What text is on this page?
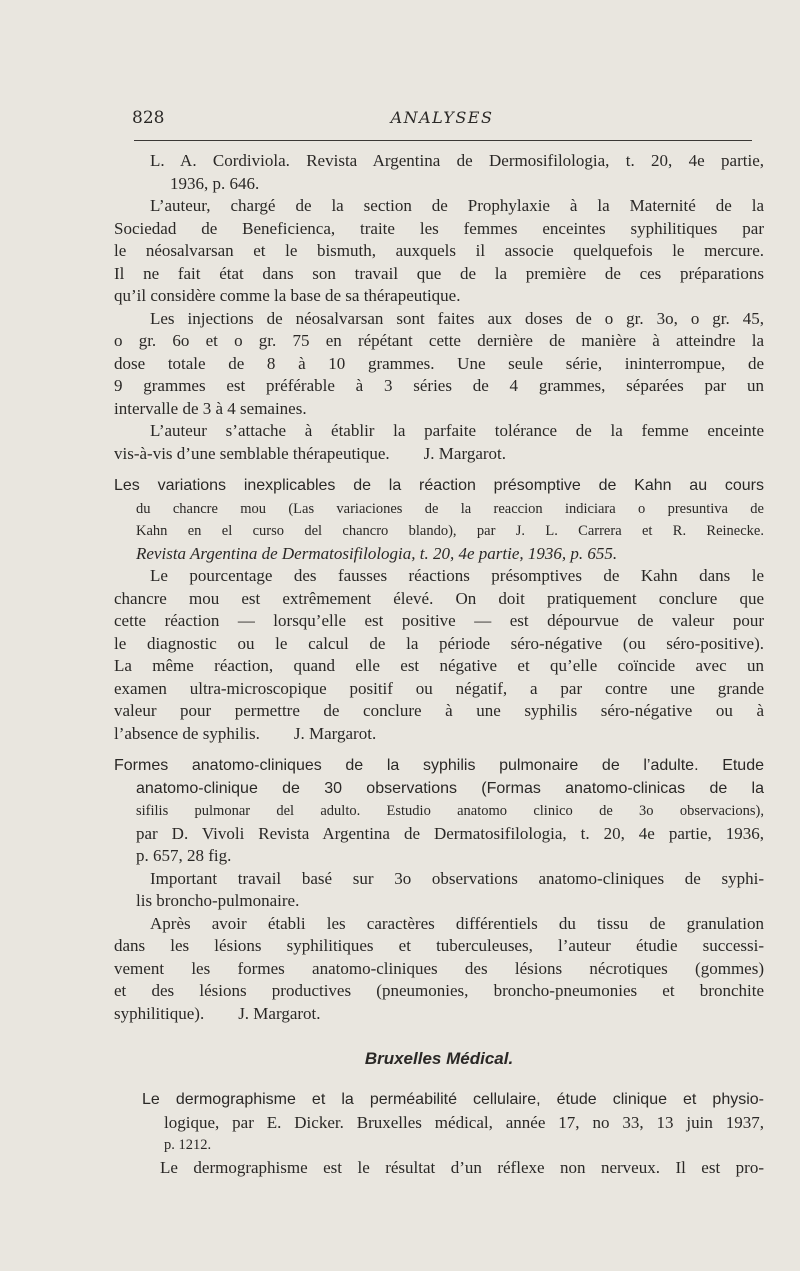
828	ANALYSES
L. A. Cordiviola. Revista Argentina de Dermosifilologia, t. 20, 4e partie,
1936, p. 646.
L’auteur, chargé de la section de Prophylaxie à la Maternité de la
Sociedad de Beneficienca, traite les femmes enceintes syphilitiques par
le néosalvarsan et le bismuth, auxquels il associe quelquefois le mercure.
Il ne fait état dans son travail que de la première de ces préparations
qu’il considère comme la base de sa thérapeutique.
Les injections de néosalvarsan sont faites aux doses de o gr. 3o, o gr. 45,
o gr. 6o et o gr. 75 en répétant cette dernière de manière à atteindre la
dose totale de 8 à 10 grammes. Une seule série, ininterrompue, de
9 grammes est préférable à 3 séries de 4 grammes, séparées par un
intervalle de 3 à 4 semaines.
L’auteur s’attache à établir la parfaite tolérance de la femme enceinte
vis-à-vis d’une semblable thérapeutique.        J. Margarot.
Les variations inexplicables de la réaction présomptive de Kahn au cours
du chancre mou (Las variaciones de la reaccion indiciara o presuntiva de
Kahn en el curso del chancro blando), par J. L. Carrera et R. Reinecke.
Revista Argentina de Dermatosifilologia, t. 20, 4e partie, 1936, p. 655.
Le pourcentage des fausses réactions présomptives de Kahn dans le
chancre mou est extrêmement élevé. On doit pratiquement conclure que
cette réaction — lorsqu’elle est positive — est dépourvue de valeur pour
le diagnostic ou le calcul de la période séro-négative (ou séro-positive).
La même réaction, quand elle est négative et qu’elle coïncide avec un
examen ultra-microscopique positif ou négatif, a par contre une grande
valeur pour permettre de conclure à une syphilis séro-négative ou à
l’absence de syphilis.        J. Margarot.
Formes anatomo-cliniques de la syphilis pulmonaire de l’adulte. Etude
anatomo-clinique de 30 observations (Formas anatomo-clinicas de la
sifilis pulmonar del adulto. Estudio anatomo clinico de 3o observacions),
par D. Vivoli Revista Argentina de Dermatosifilologia, t. 20, 4e partie, 1936,
p. 657, 28 fig.
Important travail basé sur 3o observations anatomo-cliniques de syphi-
lis broncho-pulmonaire.
Après avoir établi les caractères différentiels du tissu de granulation
dans les lésions syphilitiques et tuberculeuses, l’auteur étudie successi-
vement les formes anatomo-cliniques des lésions nécrotiques (gommes)
et des lésions productives (pneumonies, broncho-pneumonies et bronchite
syphilitique).        J. Margarot.
Bruxelles Médical.
Le dermographisme et la perméabilité cellulaire, étude clinique et physio-
logique, par E. Dicker. Bruxelles médical, année 17, no 33, 13 juin 1937,
p. 1212.
Le dermographisme est le résultat d’un réflexe non nerveux. Il est pro-
